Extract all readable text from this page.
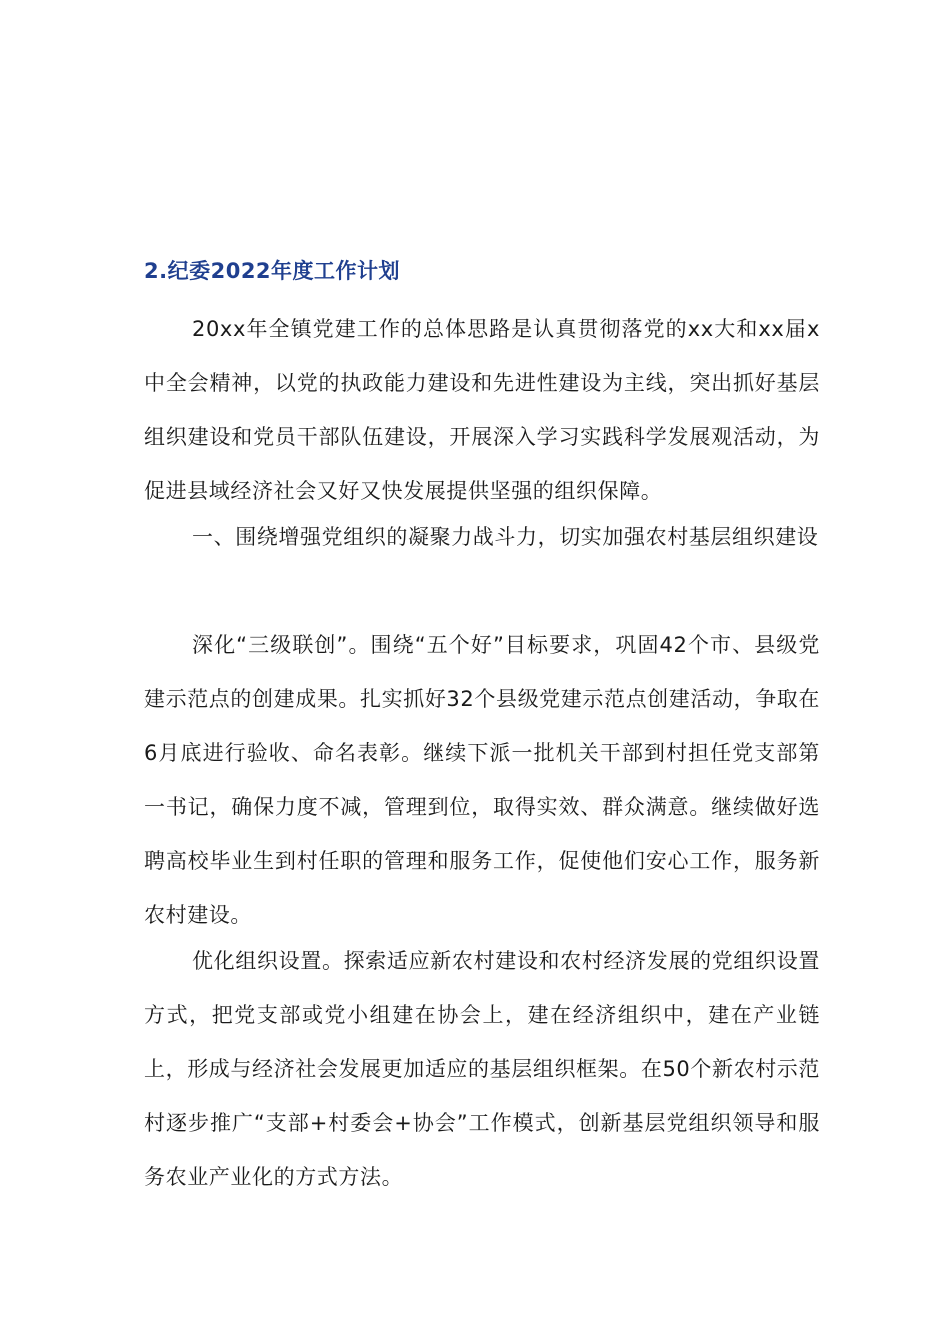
2.纪委2022年度工作计划

20xx年全镇党建工作的总体思路是认真贯彻落党的xx大和xx届x中全会精神，以党的执政能力建设和先进性建设为主线，突出抓好基层组织建设和党员干部队伍建设，开展深入学习实践科学发展观活动，为促进县域经济社会又好又快发展提供坚强的组织保障。

一、围绕增强党组织的凝聚力战斗力，切实加强农村基层组织建设

深化“三级联创”。围绕“五个好”目标要求，巩固42个市、县级党建示范点的创建成果。扎实抓好32个县级党建示范点创建活动，争取在6月底进行验收、命名表彰。继续下派一批机关干部到村担任党支部第一书记，确保力度不减，管理到位，取得实效、群众满意。继续做好选聘高校毕业生到村任职的管理和服务工作，促使他们安心工作，服务新农村建设。

优化组织设置。探索适应新农村建设和农村经济发展的党组织设置方式，把党支部或党小组建在协会上，建在经济组织中，建在产业链上，形成与经济社会发展更加适应的基层组织框架。在50个新农村示范村逐步推广“支部+村委会+协会”工作模式，创新基层党组织领导和服务农业产业化的方式方法。
